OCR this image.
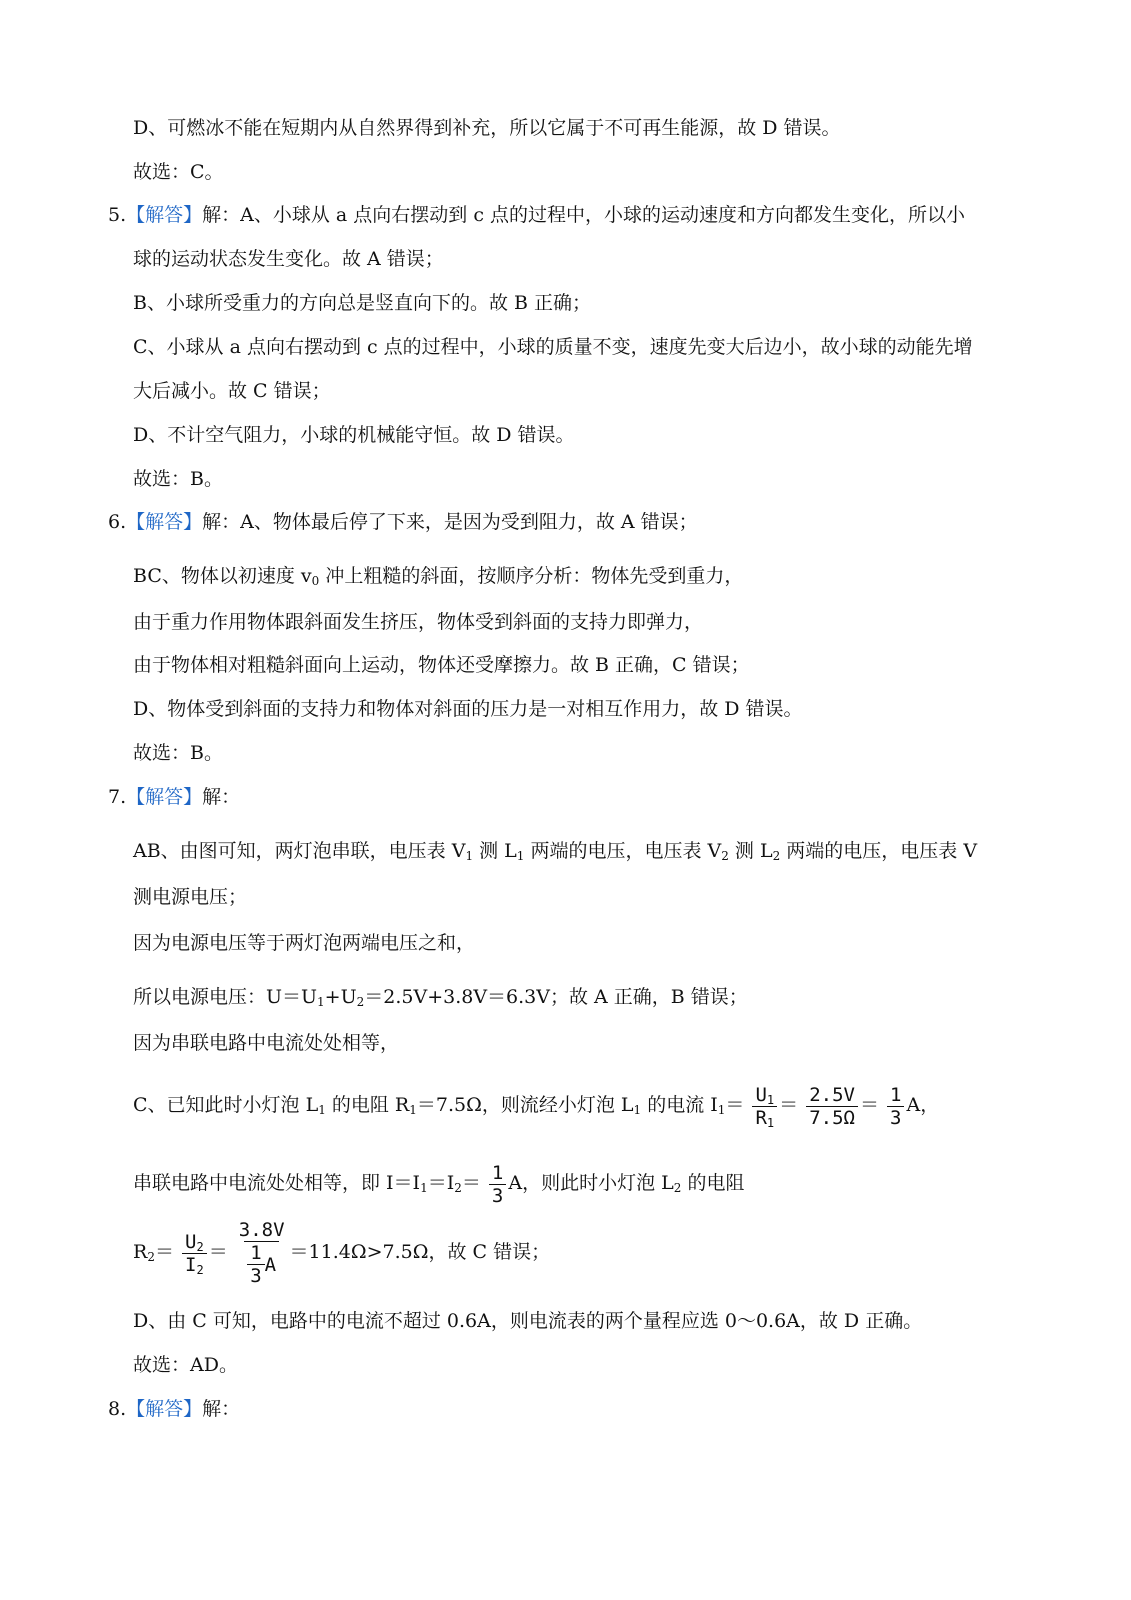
D、可燃冰不能在短期内从自然界得到补充，所以它属于不可再生能源，故 D 错误。
故选：C。
5.【解答】解：A、小球从 a 点向右摆动到 c 点的过程中，小球的运动速度和方向都发生变化，所以小
球的运动状态发生变化。故 A 错误；
B、小球所受重力的方向总是竖直向下的。故 B 正确；
C、小球从 a 点向右摆动到 c 点的过程中，小球的质量不变，速度先变大后边小，故小球的动能先增
大后减小。故 C 错误；
D、不计空气阻力，小球的机械能守恒。故 D 错误。
故选：B。
6.【解答】解：A、物体最后停了下来，是因为受到阻力，故 A 错误；
BC、物体以初速度 $v_0$ 冲上粗糙的斜面，按顺序分析：物体先受到重力，
由于重力作用物体跟斜面发生挤压，物体受到斜面的支持力即弹力，
由于物体相对粗糙斜面向上运动，物体还受摩擦力。故 B 正确，C 错误；
D、物体受到斜面的支持力和物体对斜面的压力是一对相互作用力，故 D 错误。
故选：B。
7.【解答】解：
AB、由图可知，两灯泡串联，电压表 $V_1$ 测 $L_1$ 两端的电压，电压表 $V_2$ 测 $L_2$ 两端的电压，电压表 V
测电源电压；
因为电源电压等于两灯泡两端电压之和，
所以电源电压：$U=U_1+U_2=2.5V+3.8V=6.3V$；故 A 正确，B 错误；
因为串联电路中电流处处相等，
C、已知此时小灯泡 $L_1$ 的电阻 $R_1=7.5\Omega$，则流经小灯泡 $L_1$ 的电流 $I_1= \frac{U_1}{R_1} = \frac{2.5V}{7.5\Omega} = \frac{1}{3}$ A，
串联电路中电流处处相等，即 $I=I_1=I_2= \frac{1}{3}$ A，则此时小灯泡 $L_2$ 的电阻
$R_2= \frac{U_2}{I_2} = \frac{3.8V}{\frac{1}{3} A} =11.4\Omega>7.5\Omega$，故 C 错误；
D、由 C 可知，电路中的电流不超过 0.6A，则电流表的两个量程应选 0～0.6A，故 D 正确。
故选：AD。
8.【解答】解：
